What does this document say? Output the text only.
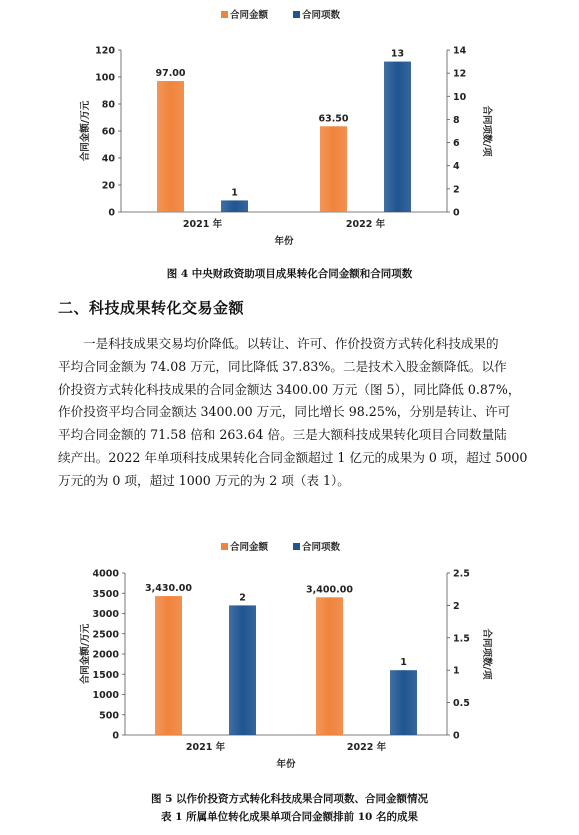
合同金额	合同项数
0
20
40
60
80
100
120
0
2
4
6
8
10
12
14
97.00
1
2021 年
63.50
13
2022 年
年份
合同金额/万元	合同项数/项
图 4 中央财政资助项目成果转化合同金额和合同项数
二、科技成果转化交易金额
一是科技成果交易均价降低。以转让、许可、作价投资方式转化科技成果的
平均合同金额为 74.08 万元，同比降低 37.83%。二是技术入股金额降低。以作
价投资方式转化科技成果的合同金额达 3400.00 万元（图 5），同比降低 0.87%，
作价投资平均合同金额达 3400.00 万元，同比增长 98.25%，分别是转让、许可
平均合同金额的 71.58 倍和 263.64 倍。三是大额科技成果转化项目合同数量陆
续产出。2022 年单项科技成果转化合同金额超过 1 亿元的成果为 0 项，超过 5000
万元的为 0 项，超过 1000 万元的为 2 项（表 1）。
合同金额	合同项数
0
500
1000
1500
2000
2500
3000
3500
4000
0
0.5
1
1.5
2
2.5
3,430.00
2
2021 年
3,400.00
1
2022 年
年份
合同金额/万元	合同项数/项
图 5 以作价投资方式转化科技成果合同项数、合同金额情况
表 1 所属单位转化成果单项合同金额排前 10 名的成果
